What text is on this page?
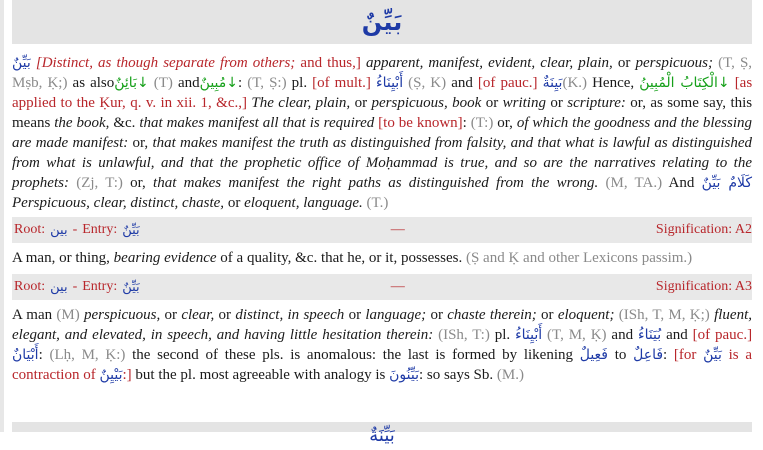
بَيِّنٌ

بَيِّنٌ [Distinct, as though separate from others; and thus,] apparent, manifest, evident, clear, plain, or perspicuous; (T, Ṣ, Mṣb, Ḳ;) as alsoبَائِنٌ↓ (T) andمُبِينٌ↓: (T, Ṣ:) pl. [of mult.] أَبْيِنَاءُ (Ṣ, K) and [of pauc.] بَيِنَةٌ(K.) Hence, الْكِتَابُ الْمُبِينُ↓ [as applied to the Ḳur, q. v. in xii. 1, &c.,] The clear, plain, or perspicuous, book or writing or scripture: or, as some say, this means the book, &c. that makes manifest all that is required [to be known]: (T:) or, of which the goodness and the blessing are made manifest: or, that makes manifest the truth as distinguished from falsity, and that what is lawful as distinguished from what is unlawful, and that the prophetic office of Moḥammad is true, and so are the narratives relating to the prophets: (Zj, T:) or, that makes manifest the right paths as distinguished from the wrong. (M, TA.) And كَلَامٌ بَيِّنٌ Perspicuous, clear, distinct, chaste, or eloquent, language. (T.)

Root: بين - Entry: بَيِّنٌ	—	Signification: A2

A man, or thing, bearing evidence of a quality, &c. that he, or it, possesses. (Ṣ and Ḳ and other Lexicons passim.)

Root: بين - Entry: بَيِّنٌ	—	Signification: A3

A man (M) perspicuous, or clear, or distinct, in speech or language; or chaste therein; or eloquent; (ISh, T, M, Ḳ;) fluent, elegant, and elevated, in speech, and having little hesitation therein: (ISh, T:) pl. أَبْيِنَاءُ (T, M, Ḳ) and بُيَنَاءُ and [of pauc.] أَبْيَانٌ: (Lḥ, M, Ḳ:) the second of these pls. is anomalous: the last is formed by likening فَعِيلٌ to فَاعِلٌ: [for بَيِّنٌ is a contraction of بَيْيِنٌ:] but the pl. most agreeable with analogy is بَيِّنُونَ: so says Sb. (M.)

بَيِّنَةٌ
